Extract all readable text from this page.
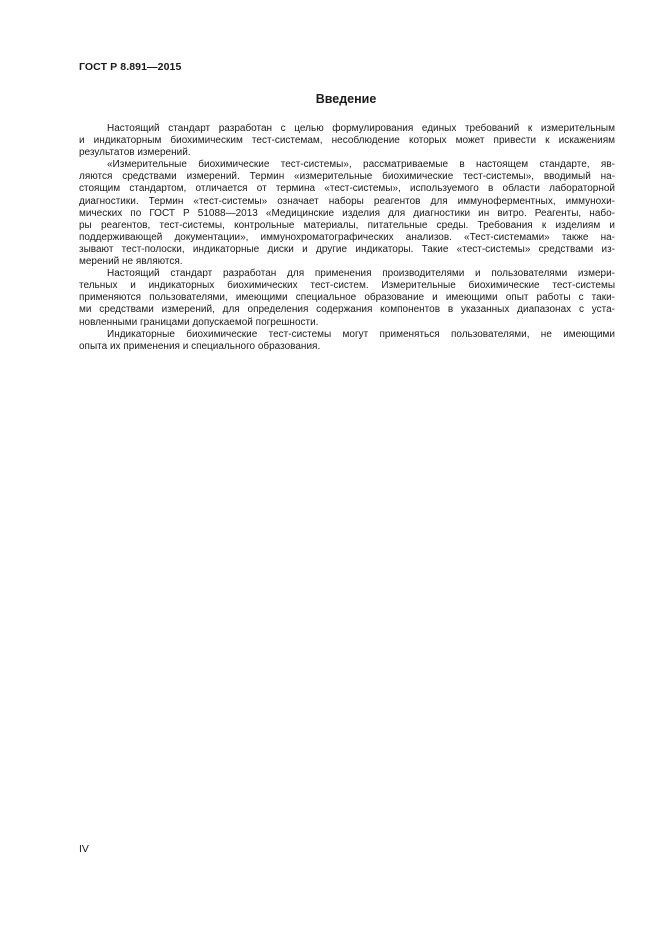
ГОСТ Р 8.891—2015
Введение
Настоящий стандарт разработан с целью формулирования единых требований к измерительным
и индикаторным биохимическим тест-системам, несоблюдение которых может привести к искажениям
результатов измерений.
«Измерительные биохимические тест-системы», рассматриваемые в настоящем стандарте, яв-
ляются средствами измерений. Термин «измерительные биохимические тест-системы», вводимый на-
стоящим стандартом, отличается от термина «тест-системы», используемого в области лабораторной
диагностики. Термин «тест-системы» означает наборы реагентов для иммуноферментных, иммунохи-
мических по ГОСТ Р 51088—2013 «Медицинские изделия для диагностики ин витро. Реагенты, набо-
ры реагентов, тест-системы, контрольные материалы, питательные среды. Требования к изделиям и
поддерживающей документации», иммунохроматографических анализов. «Тест-системами» также на-
зывают тест-полоски, индикаторные диски и другие индикаторы. Такие «тест-системы» средствами из-
мерений не являются.
Настоящий стандарт разработан для применения производителями и пользователями измери-
тельных и индикаторных биохимических тест-систем. Измерительные биохимические тест-системы
применяются пользователями, имеющими специальное образование и имеющими опыт работы с таки-
ми средствами измерений, для определения содержания компонентов в указанных диапазонах с уста-
новленными границами допускаемой погрешности.
Индикаторные биохимические тест-системы могут применяться пользователями, не имеющими
опыта их применения и специального образования.
IV
